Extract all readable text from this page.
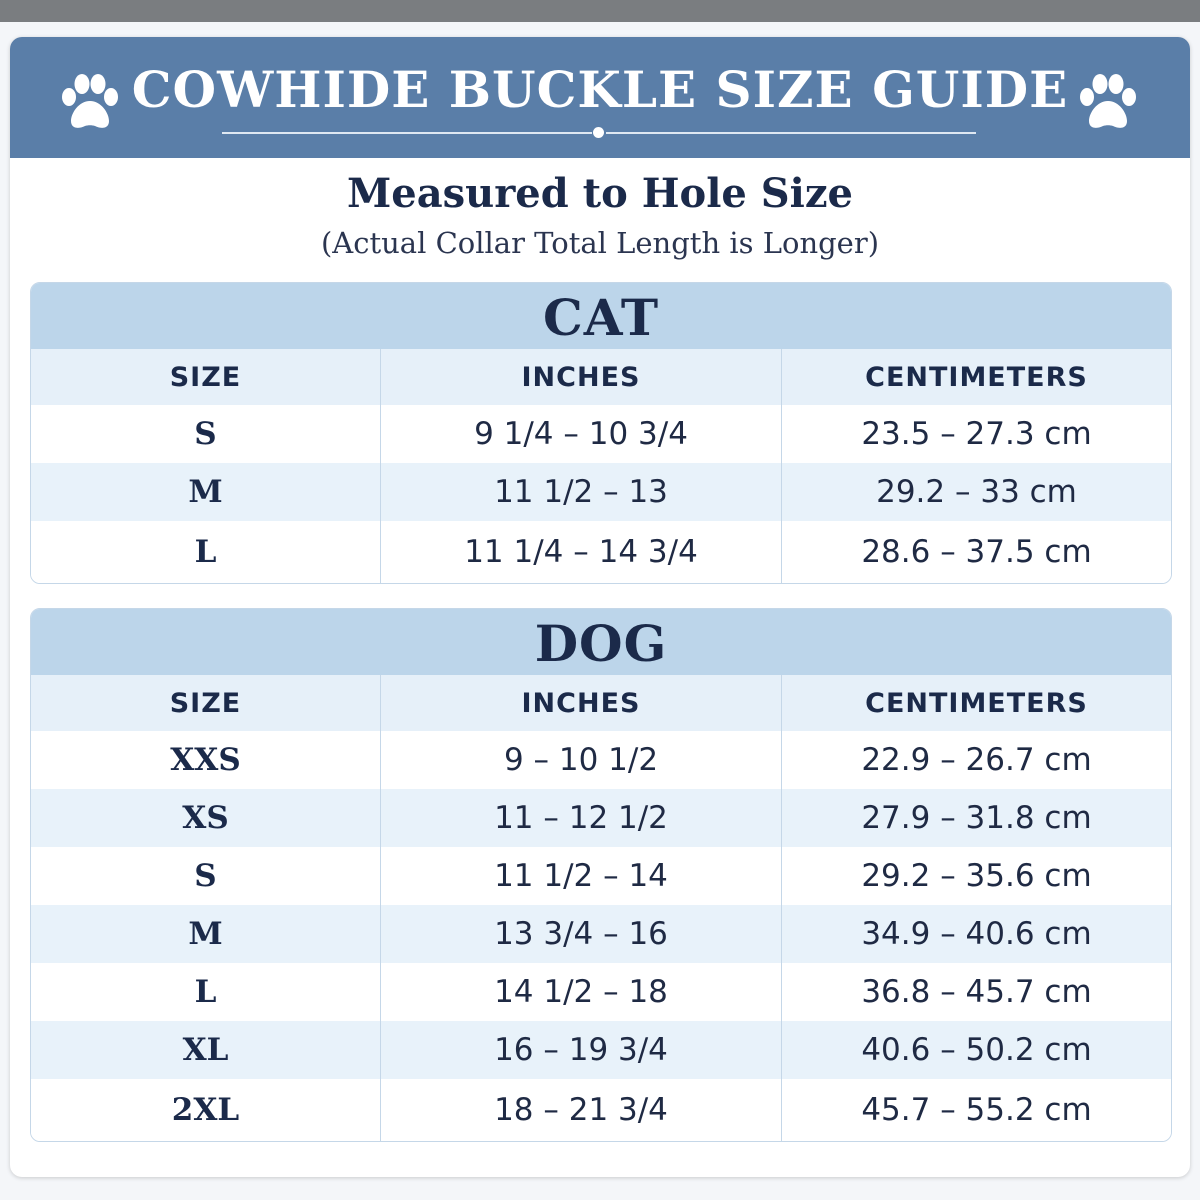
COWHIDE BUCKLE SIZE GUIDE
Measured to Hole Size
(Actual Collar Total Length is Longer)
CAT
SIZE	INCHES	CENTIMETERS
S	9 1/4 – 10 3/4	23.5 – 27.3 cm
M	11 1/2 – 13	29.2 – 33 cm
L	11 1/4 – 14 3/4	28.6 – 37.5 cm
DOG
SIZE	INCHES	CENTIMETERS
XXS	9 – 10 1/2	22.9 – 26.7 cm
XS	11 – 12 1/2	27.9 – 31.8 cm
S	11 1/2 – 14	29.2 – 35.6 cm
M	13 3/4 – 16	34.9 – 40.6 cm
L	14 1/2 – 18	36.8 – 45.7 cm
XL	16 – 19 3/4	40.6 – 50.2 cm
2XL	18 – 21 3/4	45.7 – 55.2 cm
